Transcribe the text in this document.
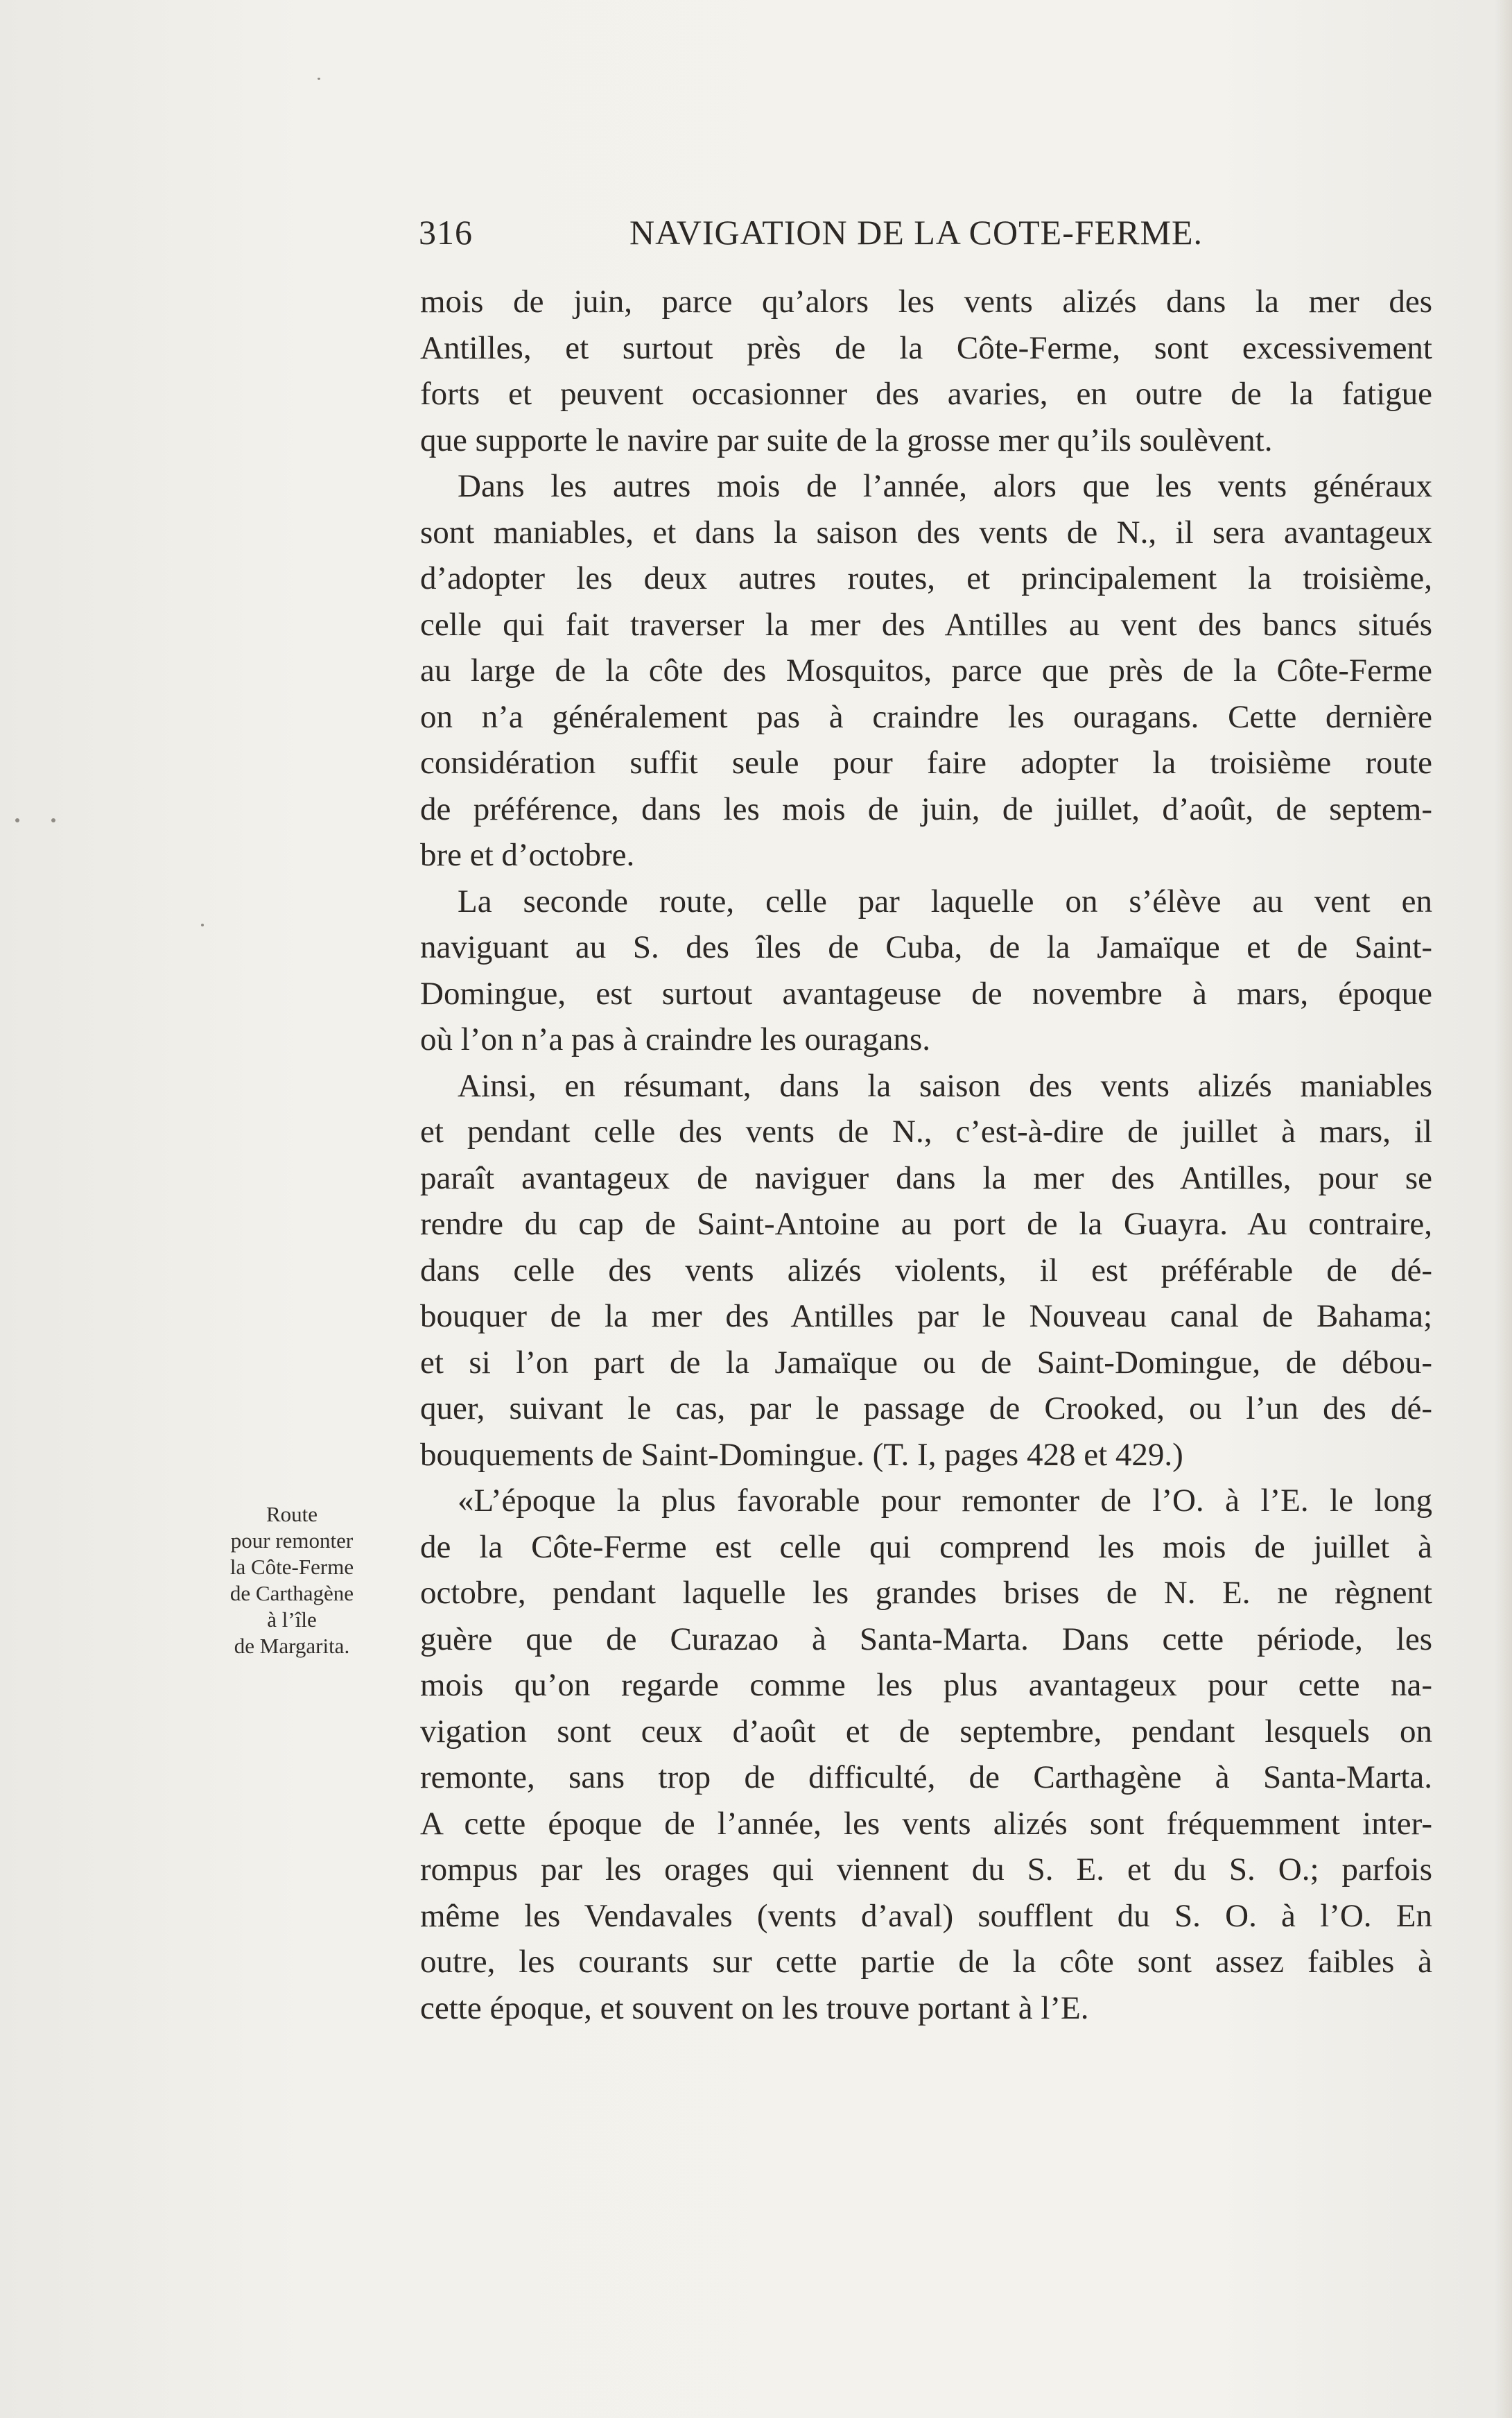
316	NAVIGATION DE LA COTE-FERME.
mois de juin, parce qu’alors les vents alizés dans la mer des
Antilles, et surtout près de la Côte-Ferme, sont excessivement
forts et peuvent occasionner des avaries, en outre de la fatigue
que supporte le navire par suite de la grosse mer qu’ils soulèvent.
Dans les autres mois de l’année, alors que les vents généraux
sont maniables, et dans la saison des vents de N., il sera avantageux
d’adopter les deux autres routes, et principalement la troisième,
celle qui fait traverser la mer des Antilles au vent des bancs situés
au large de la côte des Mosquitos, parce que près de la Côte-Ferme
on n’a généralement pas à craindre les ouragans. Cette dernière
considération suffit seule pour faire adopter la troisième route
de préférence, dans les mois de juin, de juillet, d’août, de septem-
bre et d’octobre.
La seconde route, celle par laquelle on s’élève au vent en
naviguant au S. des îles de Cuba, de la Jamaïque et de Saint-
Domingue, est surtout avantageuse de novembre à mars, époque
où l’on n’a pas à craindre les ouragans.
Ainsi, en résumant, dans la saison des vents alizés maniables
et pendant celle des vents de N., c’est-à-dire de juillet à mars, il
paraît avantageux de naviguer dans la mer des Antilles, pour se
rendre du cap de Saint-Antoine au port de la Guayra. Au contraire,
dans celle des vents alizés violents, il est préférable de dé-
bouquer de la mer des Antilles par le Nouveau canal de Bahama;
et si l’on part de la Jamaïque ou de Saint-Domingue, de débou-
quer, suivant le cas, par le passage de Crooked, ou l’un des dé-
bouquements de Saint-Domingue. (T. I, pages 428 et 429.)
«L’époque la plus favorable pour remonter de l’O. à l’E. le long
de la Côte-Ferme est celle qui comprend les mois de juillet à
octobre, pendant laquelle les grandes brises de N. E. ne règnent
guère que de Curazao à Santa-Marta. Dans cette période, les
mois qu’on regarde comme les plus avantageux pour cette na-
vigation sont ceux d’août et de septembre, pendant lesquels on
remonte, sans trop de difficulté, de Carthagène à Santa-Marta.
A cette époque de l’année, les vents alizés sont fréquemment inter-
rompus par les orages qui viennent du S. E. et du S. O.; parfois
même les Vendavales (vents d’aval) soufflent du S. O. à l’O. En
outre, les courants sur cette partie de la côte sont assez faibles à
cette époque, et souvent on les trouve portant à l’E.
Route
pour remonter
la Côte-Ferme
de Carthagène
à l’île
de Margarita.
